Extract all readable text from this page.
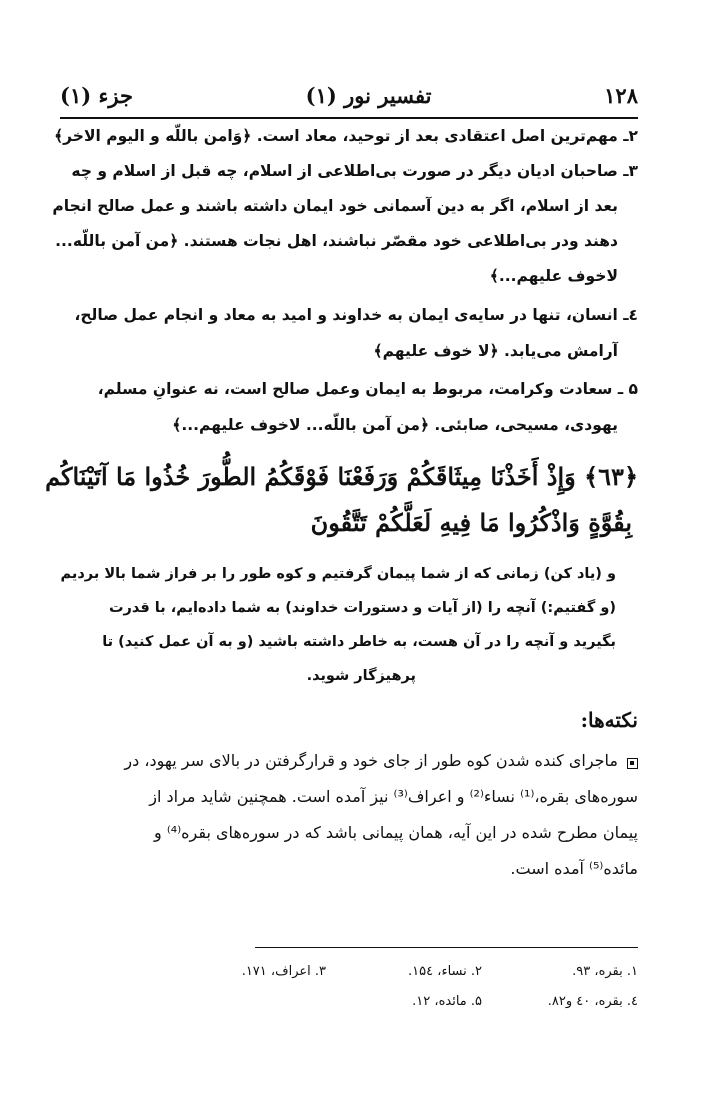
۱۲۸
تفسیر نور (۱)
جزء (۱)
۲ـ مهم‌ترین اصل اعتقادی بعد از توحید، معاد است. ﴿وَامن باللّه و الیوم الاخر﴾
۳ـ صاحبان ادیان دیگر در صورت بی‌اطلاعی از اسلام، چه قبل از اسلام و چه
بعد از اسلام، اگر به دین آسمانی خود ایمان داشته باشند و عمل صالح انجام
دهند ودر بی‌اطلاعی خود مقصّر نباشند، اهل نجات هستند. ﴿من آمن باللّه...
لاخوف علیهم...﴾
٤ـ انسان، تنها در سایه‌ی ایمان به خداوند و امید به معاد و انجام عمل صالح،
آرامش می‌یابد. ﴿لا خوف علیهم﴾
۵ ـ سعادت وکرامت، مربوط به ایمان وعمل صالح است، نه عنوانِ مسلم،
یهودی، مسیحی، صابئی. ﴿من آمن باللّه... لاخوف علیهم...﴾
﴿٦٣﴾ وَإِذْ أَخَذْنَا مِيثَاقَكُمْ وَرَفَعْنَا فَوْقَكُمُ الطُّورَ خُذُوا مَا آتَيْنَاكُم
بِقُوَّةٍ وَاذْكُرُوا مَا فِيهِ لَعَلَّكُمْ تَتَّقُونَ
و (یاد کن) زمانی که از شما پیمان گرفتیم و کوه طور را بر فراز شما بالا بردیم
(و گفتیم:) آنچه را (از آیات و دستورات خداوند) به شما داده‌ایم، با قدرت
بگیرید و آنچه را در آن هست، به خاطر داشته باشید (و به آن عمل کنید) تا
پرهیزگار شوید.
نکته‌ها:
ماجرای کنده شدن کوه طور از جای خود و قرارگرفتن در بالای سر یهود، در
سوره‌های بقره،⁽¹⁾ نساء⁽²⁾ و اعراف⁽³⁾ نیز آمده است. همچنین شاید مراد از
پیمان مطرح شده در این آیه، همان پیمانی باشد که در سوره‌های بقره⁽⁴⁾ و
مائده⁽⁵⁾ آمده است.
۱. بقره، ۹۳.
۲. نساء، ۱۵٤.
۳. اعراف، ۱۷۱.
٤. بقره، ٤۰ و۸۲.
۵. مائده، ۱۲.
